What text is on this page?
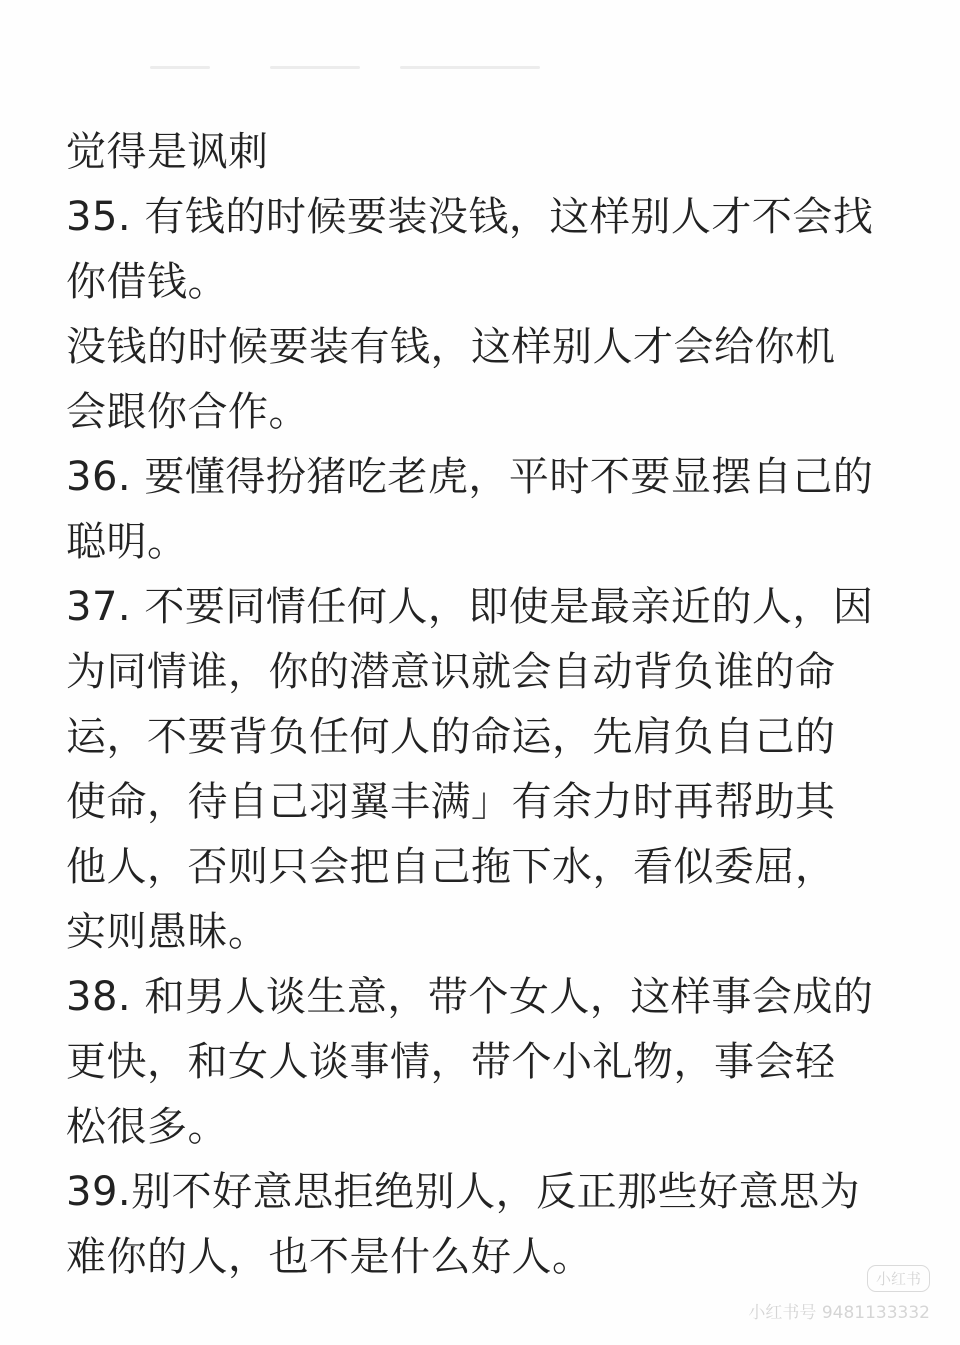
觉得是讽刺
35. 有钱的时候要装没钱，这样别人才不会找
你借钱。
没钱的时候要装有钱，这样别人才会给你机
会跟你合作。
36. 要懂得扮猪吃老虎，平时不要显摆自己的
聪明。
37. 不要同情任何人，即使是最亲近的人，因
为同情谁，你的潜意识就会自动背负谁的命
运，不要背负任何人的命运，先肩负自己的
使命，待自己羽翼丰满」有余力时再帮助其
他人，否则只会把自己拖下水，看似委屈，
实则愚昧。
38. 和男人谈生意，带个女人，这样事会成的
更快，和女人谈事情，带个小礼物，事会轻
松很多。
39.别不好意思拒绝别人，反正那些好意思为
难你的人，也不是什么好人。	小红书
小红书号 9481133332
